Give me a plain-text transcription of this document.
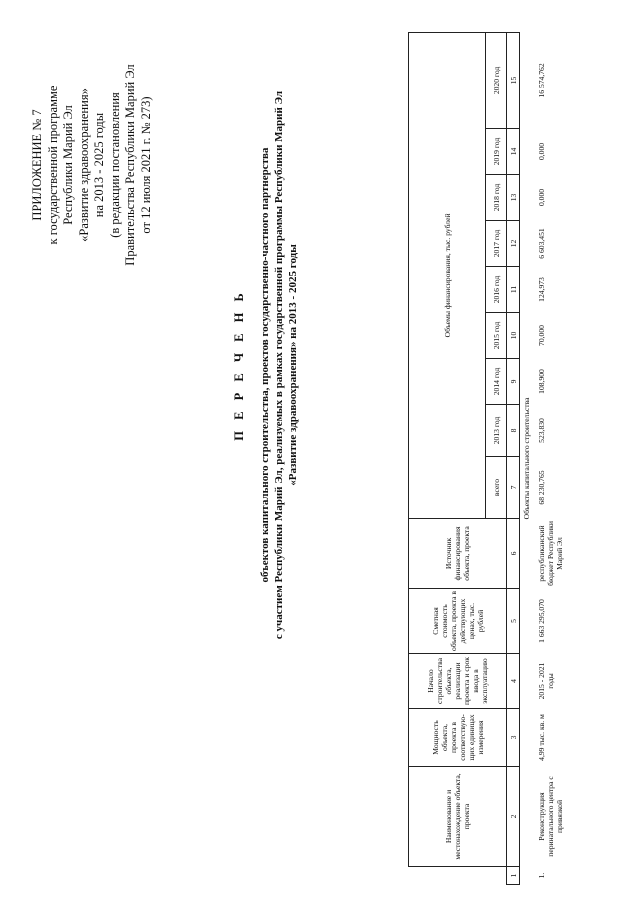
ПРИЛОЖЕНИЕ № 7 к государственной программе Республики Марий Эл «Развитие здравоохранения» на 2013 - 2025 годы (в редакции постановления Правительства Республики Марий Эл от 12 июля 2021 г. № 273)
П Е Р Е Ч Е Н Ь объектов капитального строительства, проектов государственно-частного партнерства с участием Республики Марий Эл, реализуемых в рамках государственной программы Республики Марий Эл «Развитие здравоохранения» на 2013 - 2025 годы
	Наименование и местонахождение объекта, проекта	Мощность объекта, проекта в соответствую-щих единицах измерения	Начало строительства объекта, реализации проекта и срок ввода в эксплуатацию	Сметная стоимость объекта, проекта в действующих ценах, тыс. рублей	Источник финансирования объекта, проекта	Объемы финансирования, тыс. рублей								
						всего	2013 год	2014 год	2015 год	2016 год	2017 год	2018 год	2019 год	2020 год
1	2	3	4	5	6	7	8	9	10	11	12	13	14	15
Объекты капитального строительства														
1.	Реконструкция перинатального центра с привязкой	4,99 тыс. кв. м	2015 - 2021 годы	1 663 295,070	республиканский бюджет Республики Марий Эл	68 230,765	523,830	108,900	70,000	124,973	6 603,451	0,000	0,000	16 574,762
